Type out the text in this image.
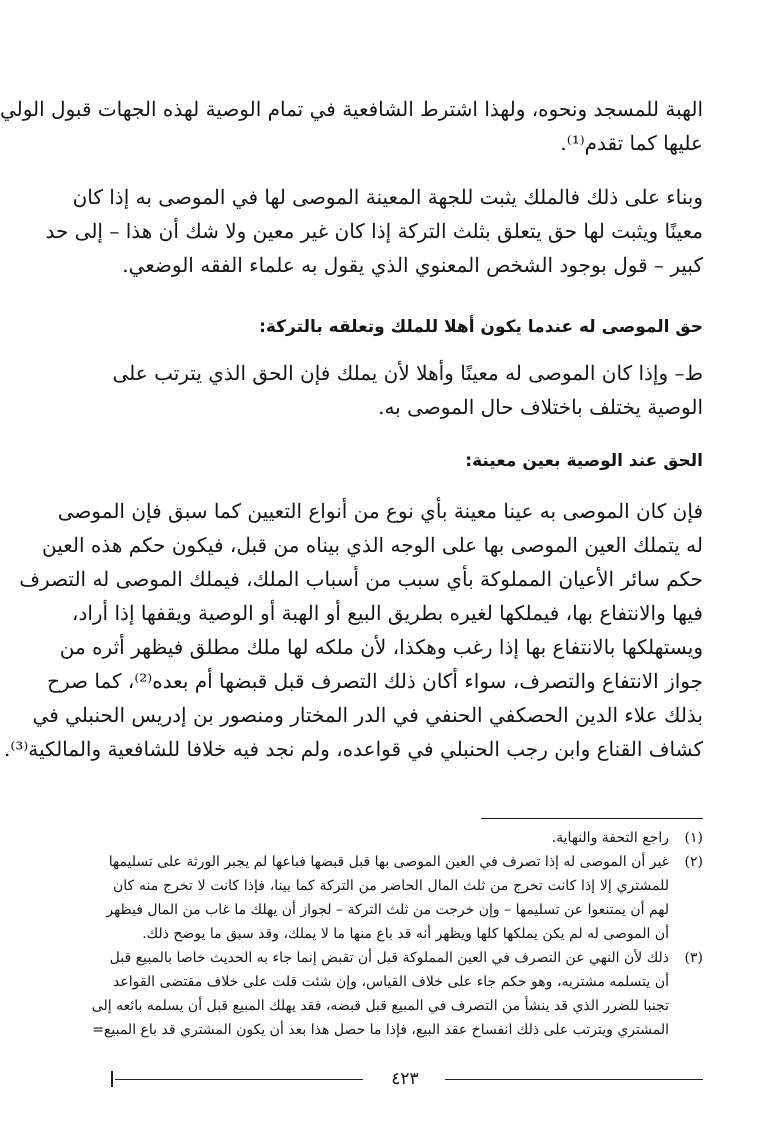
الهبة للمسجد ونحوه، ولهذا اشترط الشافعية في تمام الوصية لهذه الجهات قبول الولي
عليها كما تقدم⁽¹⁾.
وبناء على ذلك فالملك يثبت للجهة المعينة الموصى لها في الموصى به إذا كان
معينًا ويثبت لها حق يتعلق بثلث التركة إذا كان غير معين ولا شك أن هذا – إلى حد
كبير – قول بوجود الشخص المعنوي الذي يقول به علماء الفقه الوضعي.
حق الموصى له عندما يكون أهلا للملك وتعلقه بالتركة:
ط– وإذا كان الموصى له معينًا وأهلا لأن يملك فإن الحق الذي يترتب على
الوصية يختلف باختلاف حال الموصى به.
الحق عند الوصية بعين معينة:
فإن كان الموصى به عينا معينة بأي نوع من أنواع التعيين كما سبق فإن الموصى
له يتملك العين الموصى بها على الوجه الذي بيناه من قبل، فيكون حكم هذه العين
حكم سائر الأعيان المملوكة بأي سبب من أسباب الملك، فيملك الموصى له التصرف
فيها والانتفاع بها، فيملكها لغيره بطريق البيع أو الهبة أو الوصية ويقفها إذا أراد،
ويستهلكها بالانتفاع بها إذا رغب وهكذا، لأن ملكه لها ملك مطلق فيظهر أثره من
جواز الانتفاع والتصرف، سواء أكان ذلك التصرف قبل قبضها أم بعده⁽²⁾، كما صرح
بذلك علاء الدين الحصكفي الحنفي في الدر المختار ومنصور بن إدريس الحنبلي في
كشاف القناع وابن رجب الحنبلي في قواعده، ولم نجد فيه خلافا للشافعية والمالكية⁽³⁾.
(١)
راجع التحفة والنهاية.
(٢)
غير أن الموصى له إذا تصرف في العين الموصى بها قبل قبضها فباعها لم يجبر الورثة على تسليمها
للمشتري إلا إذا كانت تخرج من ثلث المال الحاضر من التركة كما بينا، فإذا كانت لا تخرج منه كان
لهم أن يمتنعوا عن تسليمها – وإن خرجت من ثلث التركة – لجواز أن يهلك ما غاب من المال فيظهر
أن الموصى له لم يكن يملكها كلها ويظهر أنه قد باع منها ما لا يملك، وقد سبق ما يوضح ذلك.
(٣)
ذلك لأن النهي عن التصرف في العين المملوكة قبل أن تقبض إنما جاء به الحديث خاصا بالمبيع قبل
أن يتسلمه مشتريه، وهو حكم جاء على خلاف القياس، وإن شئت قلت على خلاف مقتضى القواعد
تجنبا للضرر الذي قد ينشأ من التصرف في المبيع قبل قبضه، فقد يهلك المبيع قبل أن يسلمه بائعه إلى
المشتري ويترتب على ذلك انفساخ عقد البيع، فإذا ما حصل هذا بعد أن يكون المشتري قد باع المبيع=
٤٢٣
